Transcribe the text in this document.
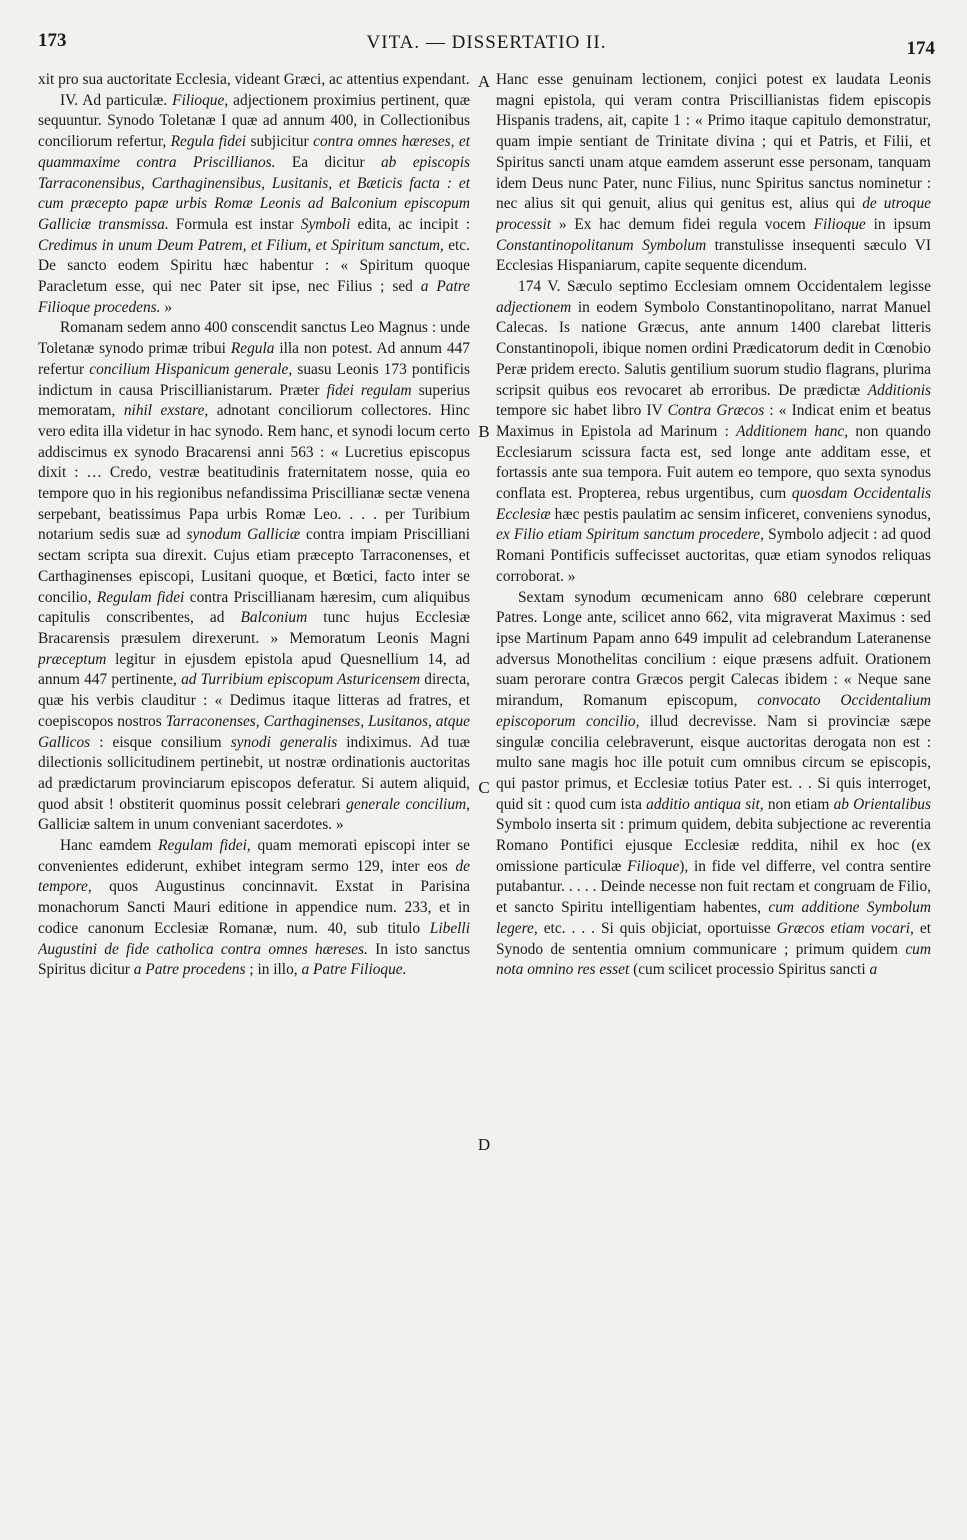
173	VITA. — DISSERTATIO II.	174

xit pro sua auctoritate Ecclesia, videant Græci, ac attentius expendant.

IV. Ad particulæ. Filioque, adjectionem proximius pertinent, quæ sequuntur. Synodo Toletanæ I quæ ad annum 400, in Collectionibus conciliorum refertur, Regula fidei subjicitur contra omnes hæreses, et quammaxime contra Priscillianos. Ea dicitur ab episcopis Tarraconensibus, Carthaginensibus, Lusitanis, et Bæticis facta : et cum præcepto papæ urbis Romæ Leonis ad Balconium episcopum Galliciæ transmissa. Formula est instar Symboli edita, ac incipit : Credimus in unum Deum Patrem, et Filium, et Spiritum sanctum, etc. De sancto eodem Spiritu hæc habentur : « Spiritum quoque Paracletum esse, qui nec Pater sit ipse, nec Filius ; sed a Patre Filioque procedens. »

Romanam sedem anno 400 conscendit sanctus Leo Magnus : unde Toletanæ synodo primæ tribui Regula illa non potest. Ad annum 447 refertur concilium Hispanicum generale, suasu Leonis 173 pontificis indictum in causa Priscillianistarum. Præter fidei regulam superius memoratam, nihil exstare, adnotant conciliorum collectores. Hinc vero edita illa videtur in hac synodo. Rem hanc, et synodi locum certo addiscimus ex synodo Bracarensi anni 563 : « Lucretius episcopus dixit : … Credo, vestræ beatitudinis fraternitatem nosse, quia eo tempore quo in his regionibus nefandissima Priscillianæ sectæ venena serpebant, beatissimus Papa urbis Romæ Leo. . . . per Turibium notarium sedis suæ ad synodum Galliciæ contra impiam Priscilliani sectam scripta sua direxit. Cujus etiam præcepto Tarraconenses, et Carthaginenses episcopi, Lusitani quoque, et Bœtici, facto inter se concilio, Regulam fidei contra Priscillianam hæresim, cum aliquibus capitulis conscribentes, ad Balconium tunc hujus Ecclesiæ Bracarensis præsulem direxerunt. » Memoratum Leonis Magni præceptum legitur in ejusdem epistola apud Quesnellium 14, ad annum 447 pertinente, ad Turribium episcopum Asturicensem directa, quæ his verbis clauditur : « Dedimus itaque litteras ad fratres, et coepiscopos nostros Tarraconenses, Carthaginenses, Lusitanos, atque Gallicos : eisque consilium synodi generalis indiximus. Ad tuæ dilectionis sollicitudinem pertinebit, ut nostræ ordinationis auctoritas ad prædictarum provinciarum episcopos deferatur. Si autem aliquid, quod absit ! obstiterit quominus possit celebrari generale concilium, Galliciæ saltem in unum conveniant sacerdotes. »

Hanc eamdem Regulam fidei, quam memorati episcopi inter se convenientes ediderunt, exhibet integram sermo 129, inter eos de tempore, quos Augustinus concinnavit. Exstat in Parisina monachorum Sancti Mauri editione in appendice num. 233, et in codice canonum Ecclesiæ Romanæ, num. 40, sub titulo Libelli Augustini de fide catholica contra omnes hæreses. In isto sanctus Spiritus dicitur a Patre procedens ; in illo, a Patre Filioque.

A
B
C
D

Hanc esse genuinam lectionem, conjici potest ex laudata Leonis magni epistola, qui veram contra Priscillianistas fidem episcopis Hispanis tradens, ait, capite 1 : « Primo itaque capitulo demonstratur, quam impie sentiant de Trinitate divina ; qui et Patris, et Filii, et Spiritus sancti unam atque eamdem asserunt esse personam, tanquam idem Deus nunc Pater, nunc Filius, nunc Spiritus sanctus nominetur : nec alius sit qui genuit, alius qui genitus est, alius qui de utroque processit » Ex hac demum fidei regula vocem Filioque in ipsum Constantinopolitanum Symbolum transtulisse insequenti sæculo VI Ecclesias Hispaniarum, capite sequente dicendum.

174 V. Sæculo septimo Ecclesiam omnem Occidentalem legisse adjectionem in eodem Symbolo Constantinopolitano, narrat Manuel Calecas. Is natione Græcus, ante annum 1400 clarebat litteris Constantinopoli, ibique nomen ordini Prædicatorum dedit in Cœnobio Peræ pridem erecto. Salutis gentilium suorum studio flagrans, plurima scripsit quibus eos revocaret ab erroribus. De prædictæ Additionis tempore sic habet libro IV Contra Græcos : « Indicat enim et beatus Maximus in Epistola ad Marinum : Additionem hanc, non quando Ecclesiarum scissura facta est, sed longe ante additam esse, et fortassis ante sua tempora. Fuit autem eo tempore, quo sexta synodus conflata est. Propterea, rebus urgentibus, cum quosdam Occidentalis Ecclesiæ hæc pestis paulatim ac sensim inficeret, conveniens synodus, ex Filio etiam Spiritum sanctum procedere, Symbolo adjecit : ad quod Romani Pontificis suffecisset auctoritas, quæ etiam synodos reliquas corroborat. »

Sextam synodum œcumenicam anno 680 celebrare cœperunt Patres. Longe ante, scilicet anno 662, vita migraverat Maximus : sed ipse Martinum Papam anno 649 impulit ad celebrandum Lateranense adversus Monothelitas concilium : eique præsens adfuit. Orationem suam perorare contra Græcos pergit Calecas ibidem : « Neque sane mirandum, Romanum episcopum, convocato Occidentalium episcoporum concilio, illud decrevisse. Nam si provinciæ sæpe singulæ concilia celebraverunt, eisque auctoritas derogata non est : multo sane magis hoc ille potuit cum omnibus circum se episcopis, qui pastor primus, et Ecclesiæ totius Pater est. . . Si quis interroget, quid sit : quod cum ista additio antiqua sit, non etiam ab Orientalibus Symbolo inserta sit : primum quidem, debita subjectione ac reverentia Romano Pontifici ejusque Ecclesiæ reddita, nihil ex hoc (ex omissione particulæ Filioque), in fide vel differre, vel contra sentire putabantur. . . . . Deinde necesse non fuit rectam et congruam de Filio, et sancto Spiritu intelligentiam habentes, cum additione Symbolum legere, etc. . . . Si quis objiciat, oportuisse Græcos etiam vocari, et Synodo de sententia omnium communicare ; primum quidem cum nota omnino res esset (cum scilicet processio Spiritus sancti a
